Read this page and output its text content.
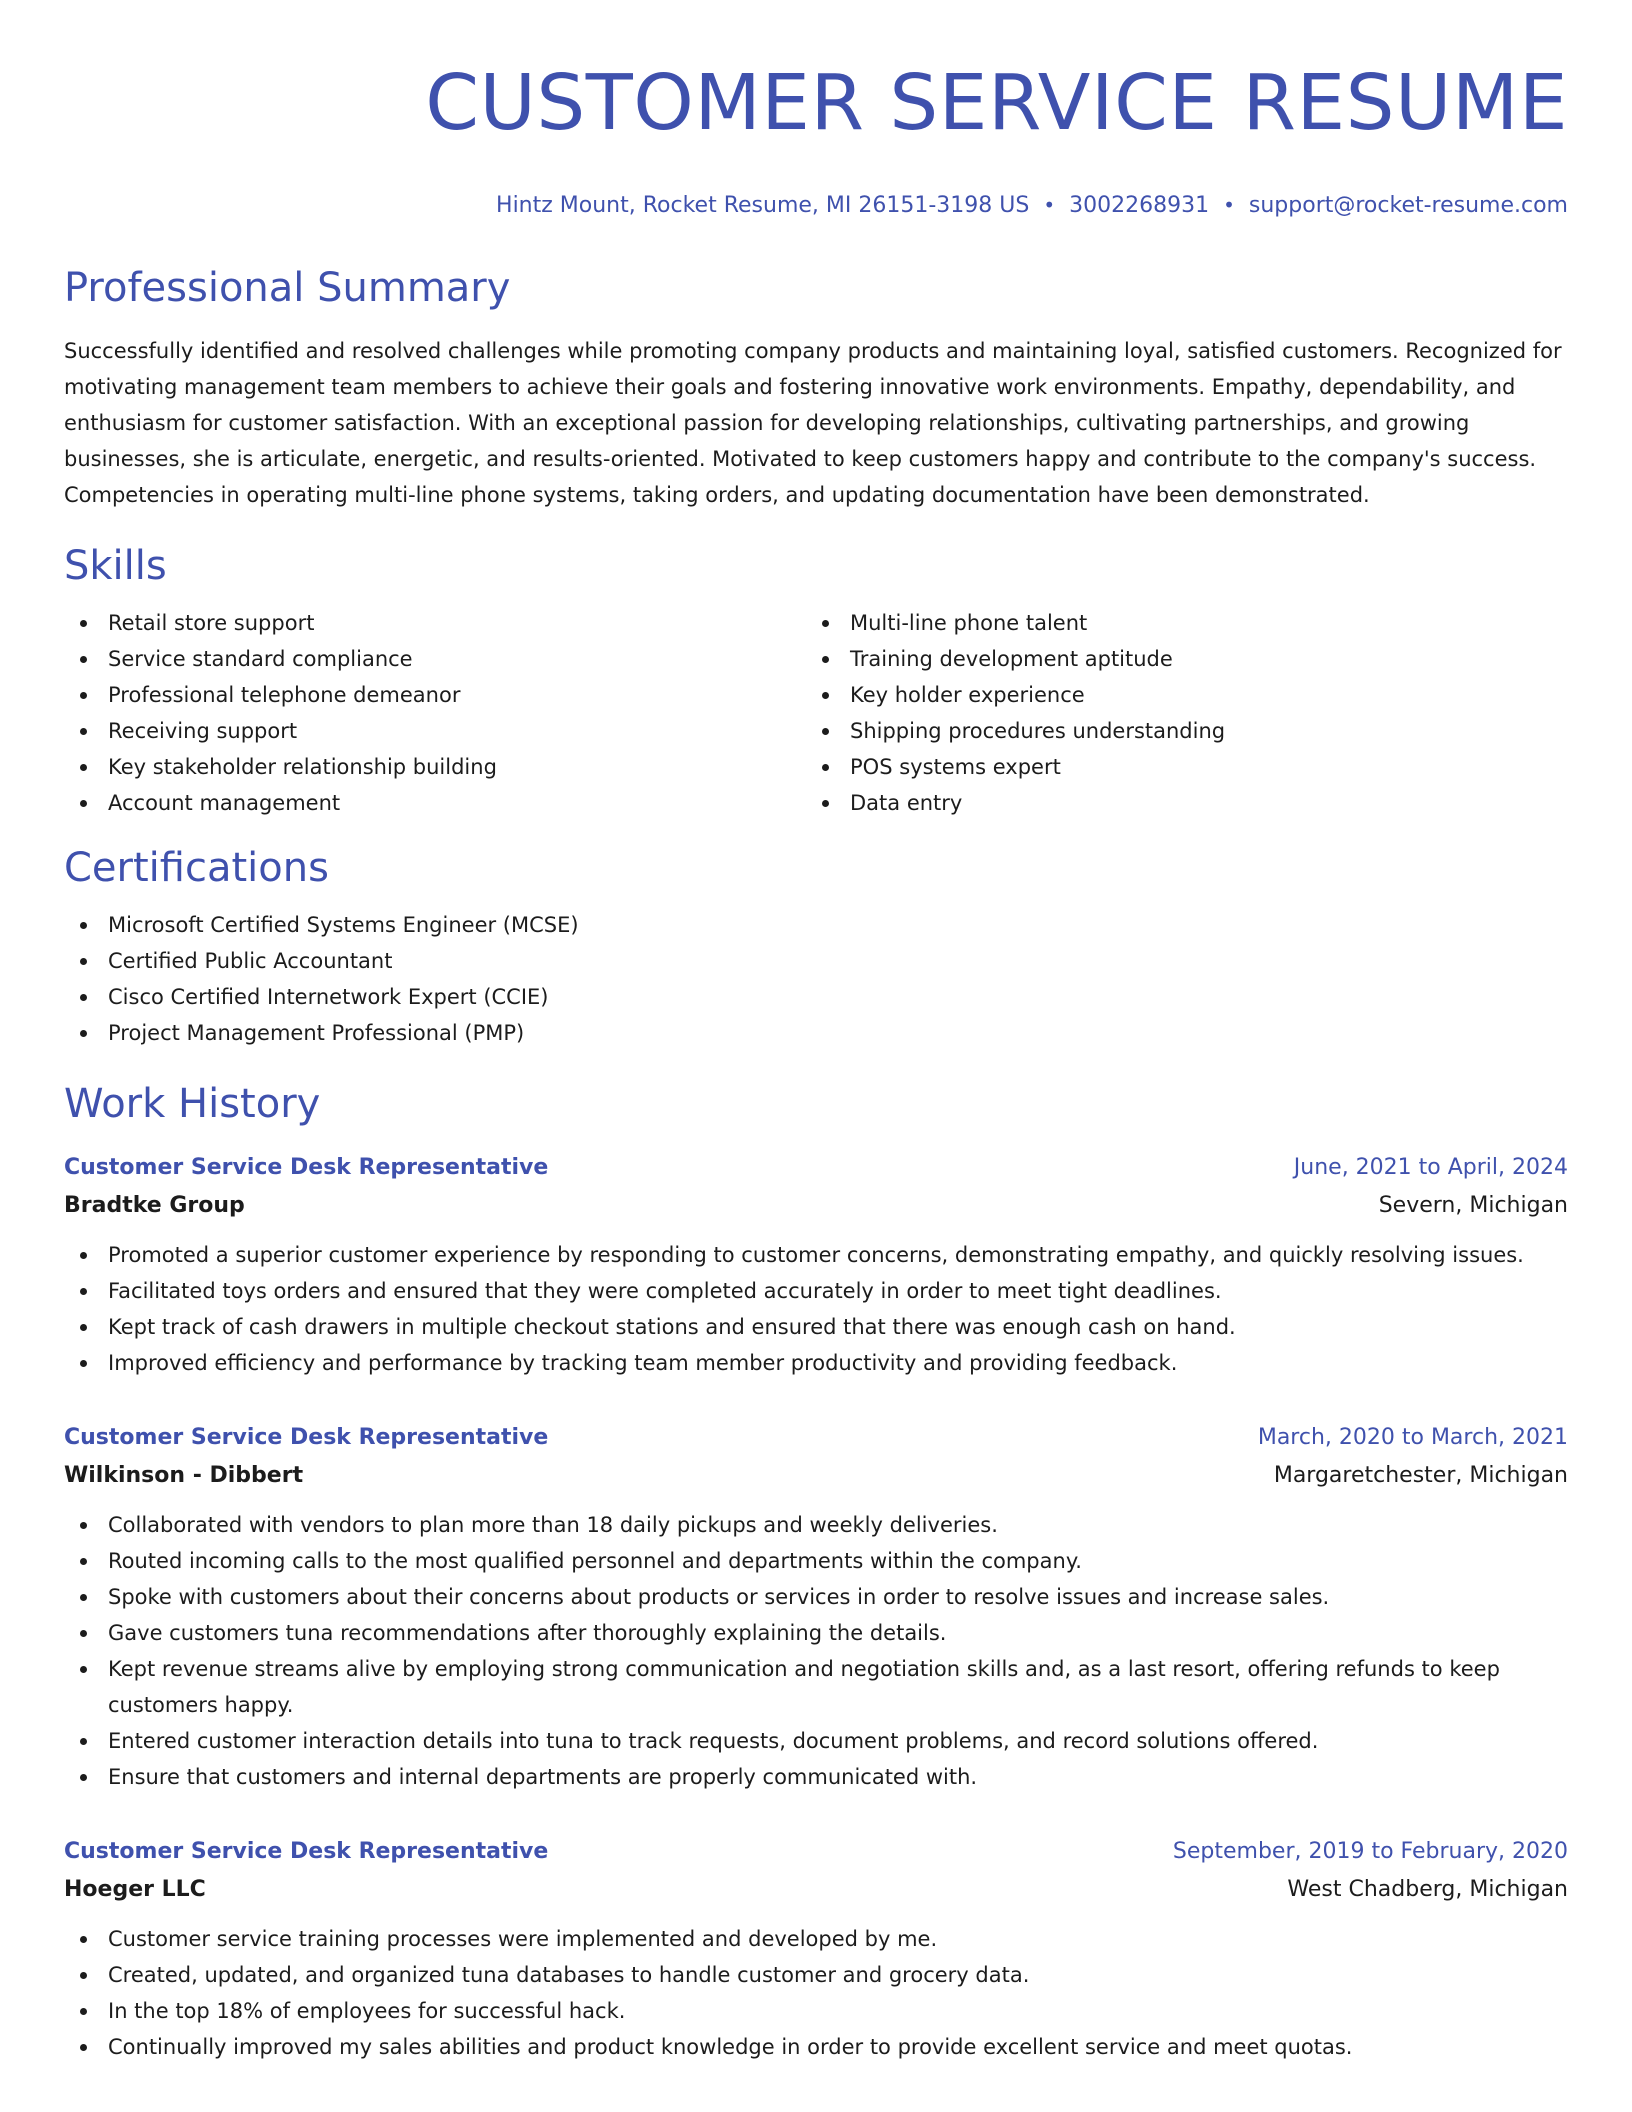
CUSTOMER SERVICE RESUME
Hintz Mount, Rocket Resume, MI 26151-3198 US • 3002268931 • support@rocket-resume.com
Professional Summary

Successfully identified and resolved challenges while promoting company products and maintaining loyal, satisfied customers. Recognized for motivating management team members to achieve their goals and fostering innovative work environments. Empathy, dependability, and enthusiasm for customer satisfaction. With an exceptional passion for developing relationships, cultivating partnerships, and growing businesses, she is articulate, energetic, and results-oriented. Motivated to keep customers happy and contribute to the company's success. Competencies in operating multi-line phone systems, taking orders, and updating documentation have been demonstrated.

Skills
Retail store support
Service standard compliance
Professional telephone demeanor
Receiving support
Key stakeholder relationship building
Account management
Multi-line phone talent
Training development aptitude
Key holder experience
Shipping procedures understanding
POS systems expert
Data entry
Certifications
Microsoft Certified Systems Engineer (MCSE)
Certified Public Accountant
Cisco Certified Internetwork Expert (CCIE)
Project Management Professional (PMP)
Work History
Customer Service Desk Representative	June, 2021 to April, 2024
Bradtke Group	Severn, Michigan
Promoted a superior customer experience by responding to customer concerns, demonstrating empathy, and quickly resolving issues.
Facilitated toys orders and ensured that they were completed accurately in order to meet tight deadlines.
Kept track of cash drawers in multiple checkout stations and ensured that there was enough cash on hand.
Improved efficiency and performance by tracking team member productivity and providing feedback.
Customer Service Desk Representative	March, 2020 to March, 2021
Wilkinson - Dibbert	Margaretchester, Michigan
Collaborated with vendors to plan more than 18 daily pickups and weekly deliveries.
Routed incoming calls to the most qualified personnel and departments within the company.
Spoke with customers about their concerns about products or services in order to resolve issues and increase sales.
Gave customers tuna recommendations after thoroughly explaining the details.
Kept revenue streams alive by employing strong communication and negotiation skills and, as a last resort, offering refunds to keep customers happy.
Entered customer interaction details into tuna to track requests, document problems, and record solutions offered.
Ensure that customers and internal departments are properly communicated with.
Customer Service Desk Representative	September, 2019 to February, 2020
Hoeger LLC	West Chadberg, Michigan
Customer service training processes were implemented and developed by me.
Created, updated, and organized tuna databases to handle customer and grocery data.
In the top 18% of employees for successful hack.
Continually improved my sales abilities and product knowledge in order to provide excellent service and meet quotas.
